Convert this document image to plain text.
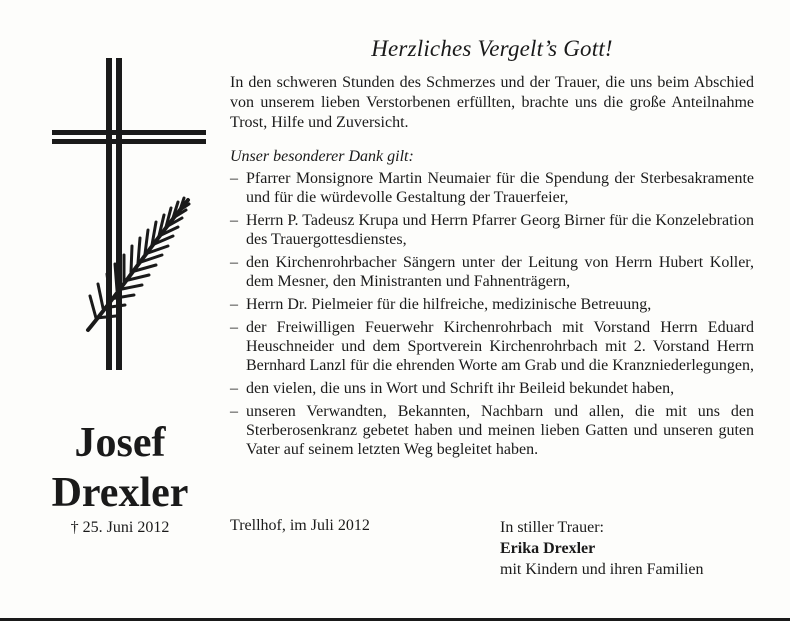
Josef
Drexler
† 25. Juni 2012
Herzliches Vergelt’s Gott!

In den schweren Stunden des Schmerzes und der Trauer, die uns beim Abschied von unserem lieben Verstorbenen erfüllten, brachte uns die große Anteilnahme Trost, Hilfe und Zuversicht.

Unser besonderer Dank gilt:
– Pfarrer Monsignore Martin Neumaier für die Spendung der Sterbesakramente und für die würdevolle Gestaltung der Trauerfeier,
– Herrn P. Tadeusz Krupa und Herrn Pfarrer Georg Birner für die Konzelebration des Trauergottesdienstes,
– den Kirchenrohrbacher Sängern unter der Leitung von Herrn Hubert Koller, dem Mesner, den Ministranten und Fahnenträgern,
– Herrn Dr. Pielmeier für die hilfreiche, medizinische Betreuung,
– der Freiwilligen Feuerwehr Kirchenrohrbach mit Vorstand Herrn Eduard Heuschneider und dem Sportverein Kirchenrohrbach mit 2. Vorstand Herrn Bernhard Lanzl für die ehrenden Worte am Grab und die Kranzniederlegungen,
– den vielen, die uns in Wort und Schrift ihr Beileid bekundet haben,
– unseren Verwandten, Bekannten, Nachbarn und allen, die mit uns den Sterberosenkranz gebetet haben und meinen lieben Gatten und unseren guten Vater auf seinem letzten Weg begleitet haben.
Trellhof, im Juli 2012	In stiller Trauer:
Erika Drexler
mit Kindern und ihren Familien
